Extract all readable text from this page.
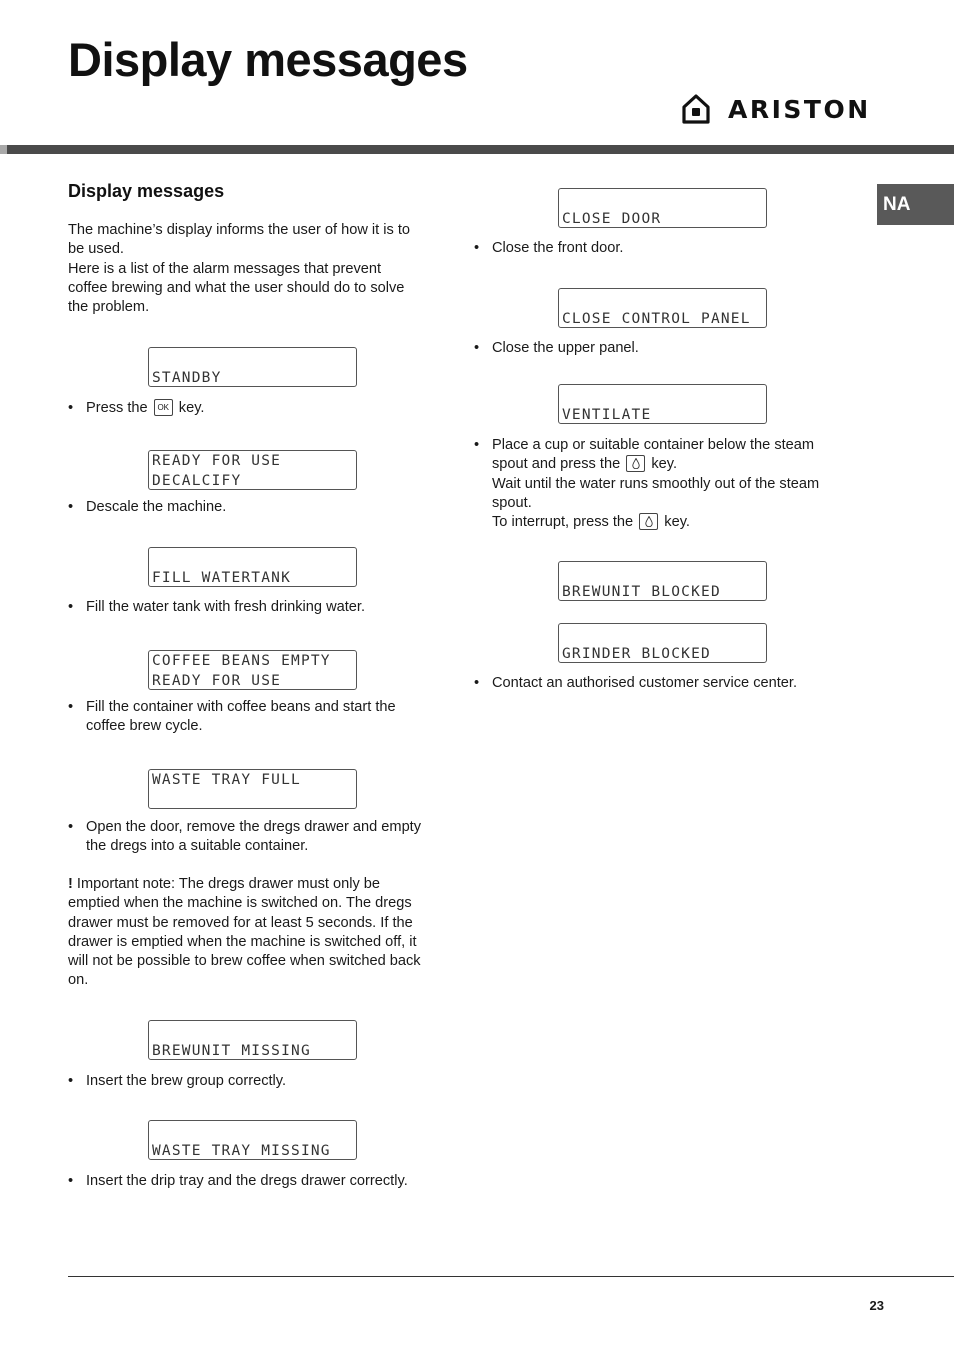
Display messages
ARISTON
NA
Display messages
The machine’s display informs the user of how it is to
be used.
Here is a list of the alarm messages that prevent
coffee brewing and what the user should do to solve
the problem.
STANDBY
• Press the OK key.
READY FOR USE
DECALCIFY
• Descale the machine.
FILL WATERTANK
• Fill the water tank with fresh drinking water.
COFFEE BEANS EMPTY
READY FOR USE
• Fill the container with coffee beans and start the
coffee brew cycle.
WASTE TRAY FULL
• Open the door, remove the dregs drawer and empty
the dregs into a suitable container.
! Important note: The dregs drawer must only be
emptied when the machine is switched on. The dregs
drawer must be removed for at least 5 seconds. If the
drawer is emptied when the machine is switched off, it
will not be possible to brew coffee when switched back
on.
BREWUNIT MISSING
• Insert the brew group correctly.
WASTE TRAY MISSING
• Insert the drip tray and the dregs drawer correctly.
CLOSE DOOR
• Close the front door.
CLOSE CONTROL PANEL
• Close the upper panel.
VENTILATE
• Place a cup or suitable container below the steam
spout and press the key.
Wait until the water runs smoothly out of the steam
spout.
To interrupt, press the key.
BREWUNIT BLOCKED
GRINDER BLOCKED
• Contact an authorised customer service center.
23
